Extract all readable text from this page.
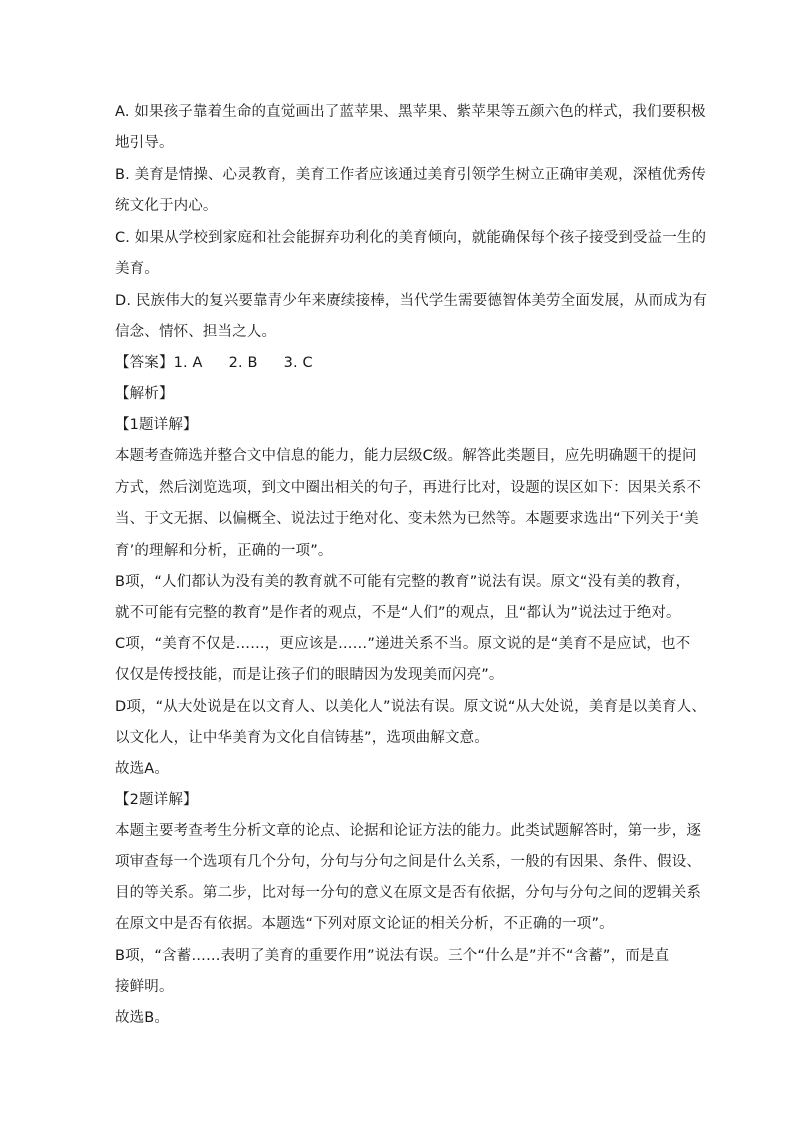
A. 如果孩子靠着生命的直觉画出了蓝苹果、黑苹果、紫苹果等五颜六色的样式，我们要积极
地引导。
B. 美育是情操、心灵教育，美育工作者应该通过美育引领学生树立正确审美观，深植优秀传
统文化于内心。
C. 如果从学校到家庭和社会能摒弃功利化的美育倾向，就能确保每个孩子接受到受益一生的
美育。
D. 民族伟大的复兴要靠青少年来赓续接棒，当代学生需要德智体美劳全面发展，从而成为有
信念、情怀、担当之人。
【答案】1. A 2. B 3. C
【解析】
【1题详解】
本题考查筛选并整合文中信息的能力，能力层级C级。解答此类题目，应先明确题干的提问
方式，然后浏览选项，到文中圈出相关的句子，再进行比对，设题的误区如下：因果关系不
当、于文无据、以偏概全、说法过于绝对化、变未然为已然等。本题要求选出“下列关于‘美
育’的理解和分析，正确的一项”。
B项，“人们都认为没有美的教育就不可能有完整的教育”说法有误。原文“没有美的教育，
就不可能有完整的教育”是作者的观点，不是“人们”的观点，且“都认为”说法过于绝对。
C项，“美育不仅是……，更应该是……”递进关系不当。原文说的是“美育不是应试，也不
仅仅是传授技能，而是让孩子们的眼睛因为发现美而闪亮”。
D项，“从大处说是在以文育人、以美化人”说法有误。原文说“从大处说，美育是以美育人、
以文化人，让中华美育为文化自信铸基”，选项曲解文意。
故选A。
【2题详解】
本题主要考查考生分析文章的论点、论据和论证方法的能力。此类试题解答时，第一步，逐
项审查每一个选项有几个分句，分句与分句之间是什么关系，一般的有因果、条件、假设、
目的等关系。第二步，比对每一分句的意义在原文是否有依据，分句与分句之间的逻辑关系
在原文中是否有依据。本题选“下列对原文论证的相关分析，不正确的一项”。
B项，“含蓄……表明了美育的重要作用”说法有误。三个“什么是”并不“含蓄”，而是直
接鲜明。
故选B。
